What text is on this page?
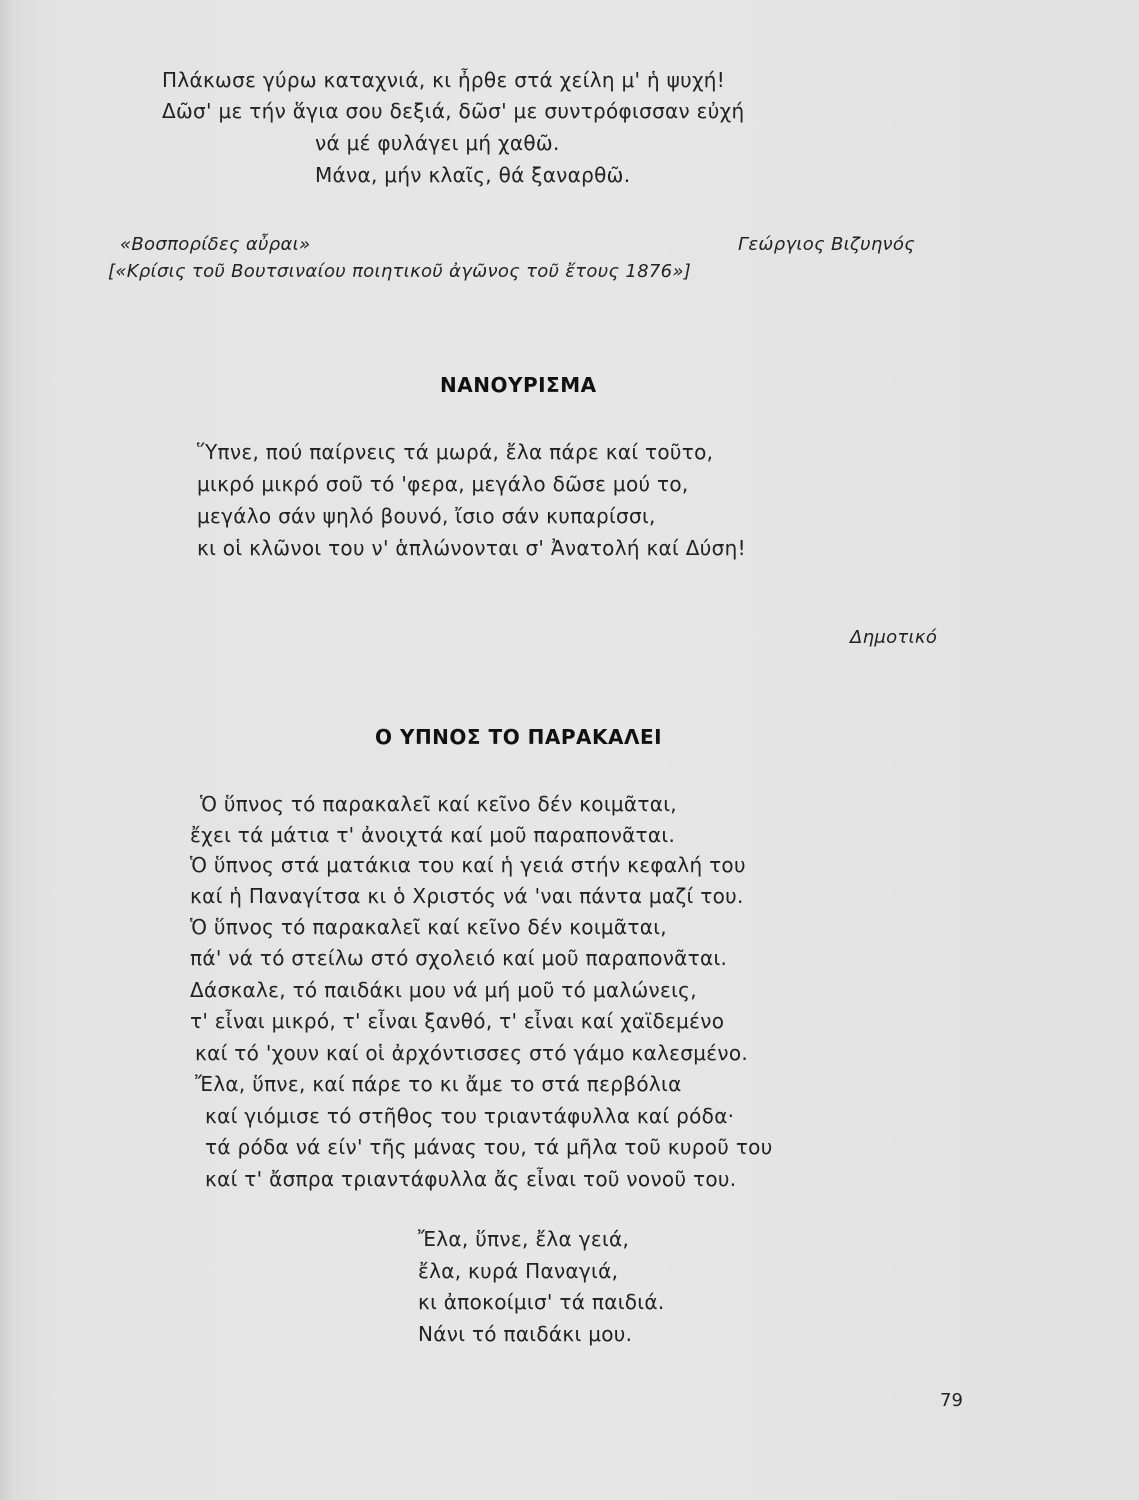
Πλάκωσε γύρω καταχνιά, κι ἦρθε στά χείλη μ' ἡ ψυχή!
Δῶσ' με τήν ἅγια σου δεξιά, δῶσ' με συντρόφισσαν εὐχή
νά μέ φυλάγει μή χαθῶ.
Μάνα, μήν κλαῖς, θά ξαναρθῶ.
«Βοσπορίδες αὖραι»	Γεώργιος Βιζυηνός
[«Κρίσις τοῦ Βουτσιναίου ποιητικοῦ ἀγῶνος τοῦ ἔτους 1876»]
ΝΑΝΟΥΡΙΣΜΑ
Ὕπνε, πού παίρνεις τά μωρά, ἔλα πάρε καί τοῦτο,
μικρό μικρό σοῦ τό 'φερα, μεγάλο δῶσε μού το,
μεγάλο σάν ψηλό βουνό, ἴσιο σάν κυπαρίσσι,
κι οἱ κλῶνοι του ν' ἁπλώνονται σ' Ἀνατολή καί Δύση!
Δημοτικό
Ο ΥΠΝΟΣ ΤΟ ΠΑΡΑΚΑΛΕΙ
Ὁ ὕπνος τό παρακαλεῖ καί κεῖνο δέν κοιμᾶται,
ἔχει τά μάτια τ' ἀνοιχτά καί μοῦ παραπονᾶται.
Ὁ ὕπνος στά ματάκια του καί ἡ γειά στήν κεφαλή του
καί ἡ Παναγίτσα κι ὁ Χριστός νά 'ναι πάντα μαζί του.
Ὁ ὕπνος τό παρακαλεῖ καί κεῖνο δέν κοιμᾶται,
πά' νά τό στείλω στό σχολειό καί μοῦ παραπονᾶται.
Δάσκαλε, τό παιδάκι μου νά μή μοῦ τό μαλώνεις,
τ' εἶναι μικρό, τ' εἶναι ξανθό, τ' εἶναι καί χαϊδεμένο
καί τό 'χουν καί οἱ ἀρχόντισσες στό γάμο καλεσμένο.
Ἔλα, ὕπνε, καί πάρε το κι ἄμε το στά περβόλια
καί γιόμισε τό στῆθος του τριαντάφυλλα καί ρόδα·
τά ρόδα νά είν' τῆς μάνας του, τά μῆλα τοῦ κυροῦ του
καί τ' ἄσπρα τριαντάφυλλα ἄς εἶναι τοῦ νονοῦ του.
Ἔλα, ὕπνε, ἔλα γειά,
ἔλα, κυρά Παναγιά,
κι ἀποκοίμισ' τά παιδιά.
Νάνι τό παιδάκι μου.
79
